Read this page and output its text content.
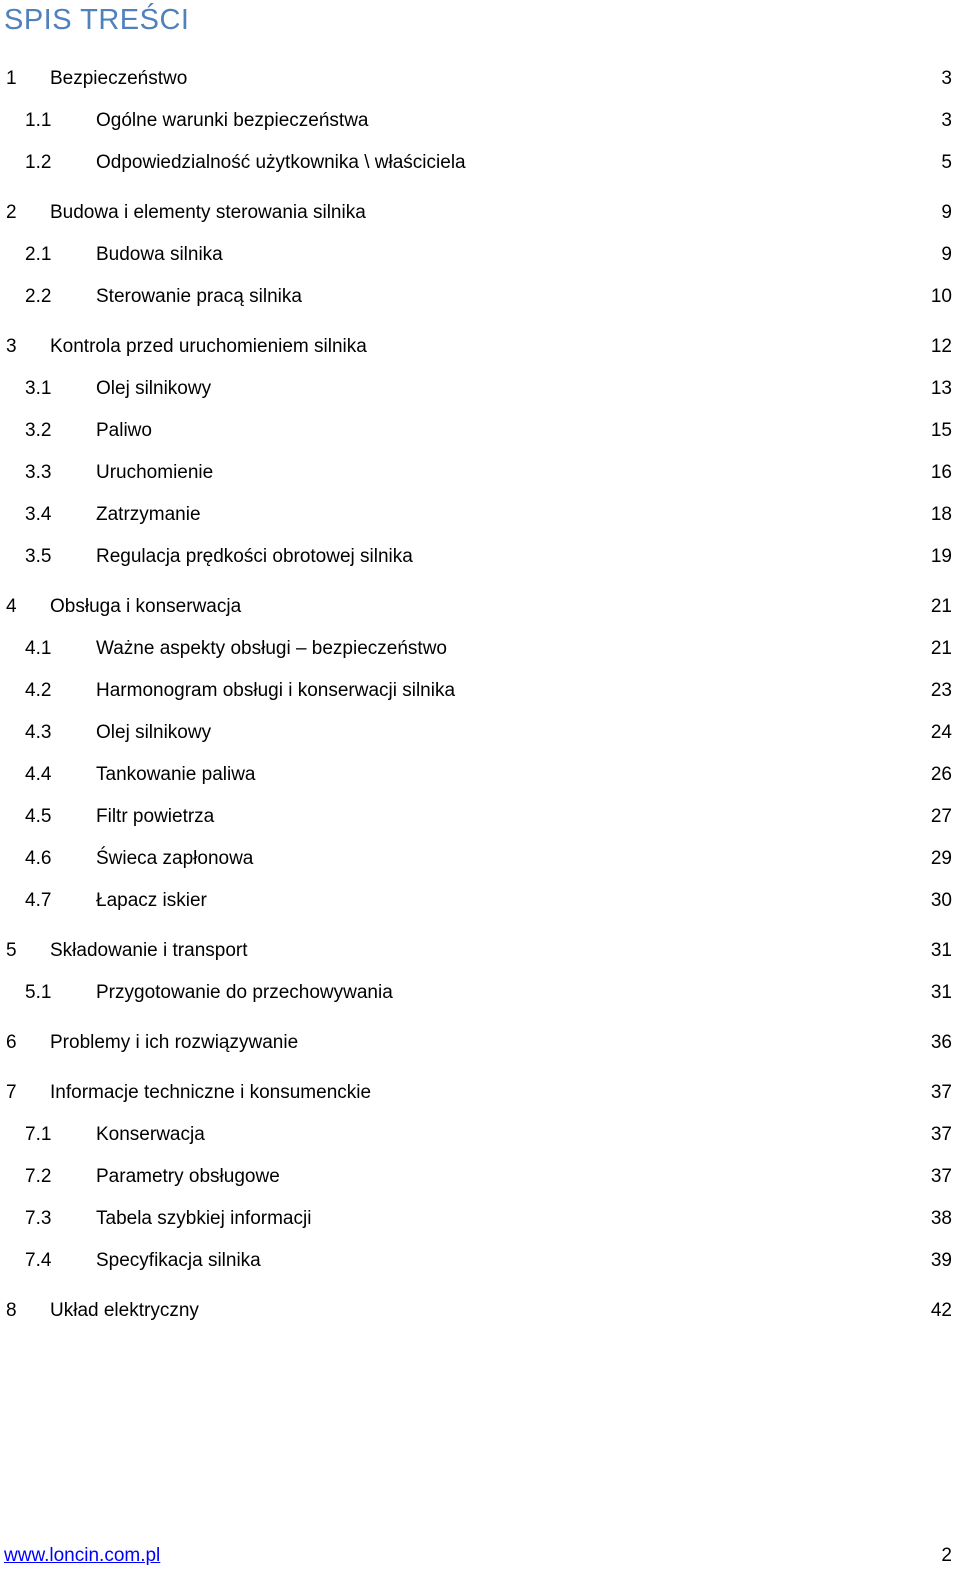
SPIS TREŚCI
1 Bezpieczeństwo	3
1.1 Ogólne warunki bezpieczeństwa	3
1.2 Odpowiedzialność użytkownika \ właściciela	5
2 Budowa i elementy sterowania silnika	9
2.1 Budowa silnika	9
2.2 Sterowanie pracą silnika	10
3 Kontrola przed uruchomieniem silnika	12
3.1 Olej silnikowy	13
3.2 Paliwo	15
3.3 Uruchomienie	16
3.4 Zatrzymanie	18
3.5 Regulacja prędkości obrotowej silnika	19
4 Obsługa i konserwacja	21
4.1 Ważne aspekty obsługi – bezpieczeństwo	21
4.2 Harmonogram obsługi i konserwacji silnika	23
4.3 Olej silnikowy	24
4.4 Tankowanie paliwa	26
4.5 Filtr powietrza	27
4.6 Świeca zapłonowa	29
4.7 Łapacz iskier	30
5 Składowanie i transport	31
5.1 Przygotowanie do przechowywania	31
6 Problemy i ich rozwiązywanie	36
7 Informacje techniczne i konsumenckie	37
7.1 Konserwacja	37
7.2 Parametry obsługowe	37
7.3 Tabela szybkiej informacji	38
7.4 Specyfikacja silnika	39
8 Układ elektryczny	42
www.loncin.com.pl	2
